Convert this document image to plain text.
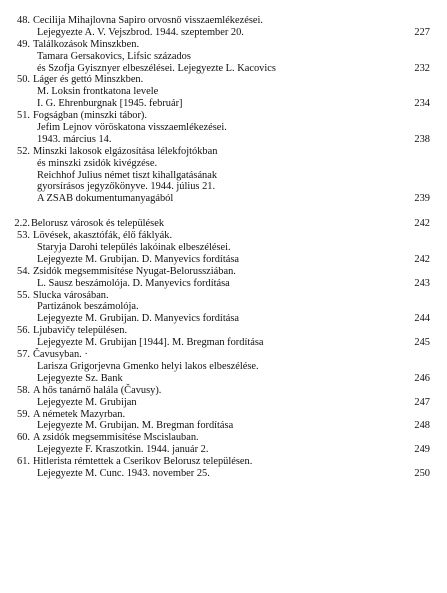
48. Cecilija Mihajlovna Sapiro orvosnő visszaemlékezései.
Lejegyezte A. V. Vejszbrod. 1944. szeptember 20.	227
49. Találkozások Minszkben.
Tamara Gersakovics, Lifsic százados
és Szofja Gyisznyer elbeszélései. Lejegyezte L. Kacovics	232
50. Láger és gettó Minszkben.
M. Loksin frontkatona levele
I. G. Ehrenburgnak [1945. február]	234
51. Fogságban (minszki tábor).
Jefim Lejnov vöröskatona visszaemlékezései.
1943. március 14.	238
52. Minszki lakosok elgázosítása lélekfojtókban
és minszki zsidók kivégzése.
Reichhof Julius német tiszt kihallgatásának
gyorsírásos jegyzőkönyve. 1944. július 21.
A ZSAB dokumentumanyagából	239
2.2. Belorusz városok és települések	242
53. Lövések, akasztófák, élő fáklyák.
Staryja Darohi település lakóinak elbeszélései.
Lejegyezte M. Grubijan. D. Manyevics fordítása	242
54. Zsidók megsemmisítése Nyugat-Belorussziában.
L. Sausz beszámolója. D. Manyevics fordítása	243
55. Slucka városában.
Partizánok beszámolója.
Lejegyezte M. Grubijan. D. Manyevics fordítása	244
56. Ljubavičy településen.
Lejegyezte M. Grubijan [1944]. M. Bregman fordítása	245
57. Čavusyban. ·
Larisza Grigorjevna Gmenko helyi lakos elbeszélése.
Lejegyezte Sz. Bank	246
58. A hős tanárnő halála (Čavusy).
Lejegyezte M. Grubijan	247
59. A németek Mazyrban.
Lejegyezte M. Grubijan. M. Bregman fordítása	248
60. A zsidók megsemmisítése Mscislauban.
Lejegyezte F. Kraszotkin. 1944. január 2.	249
61. Hitleristа rémtettek a Cserikov Belorusz településen.
Lejegyezte M. Cunc. 1943. november 25.	250
